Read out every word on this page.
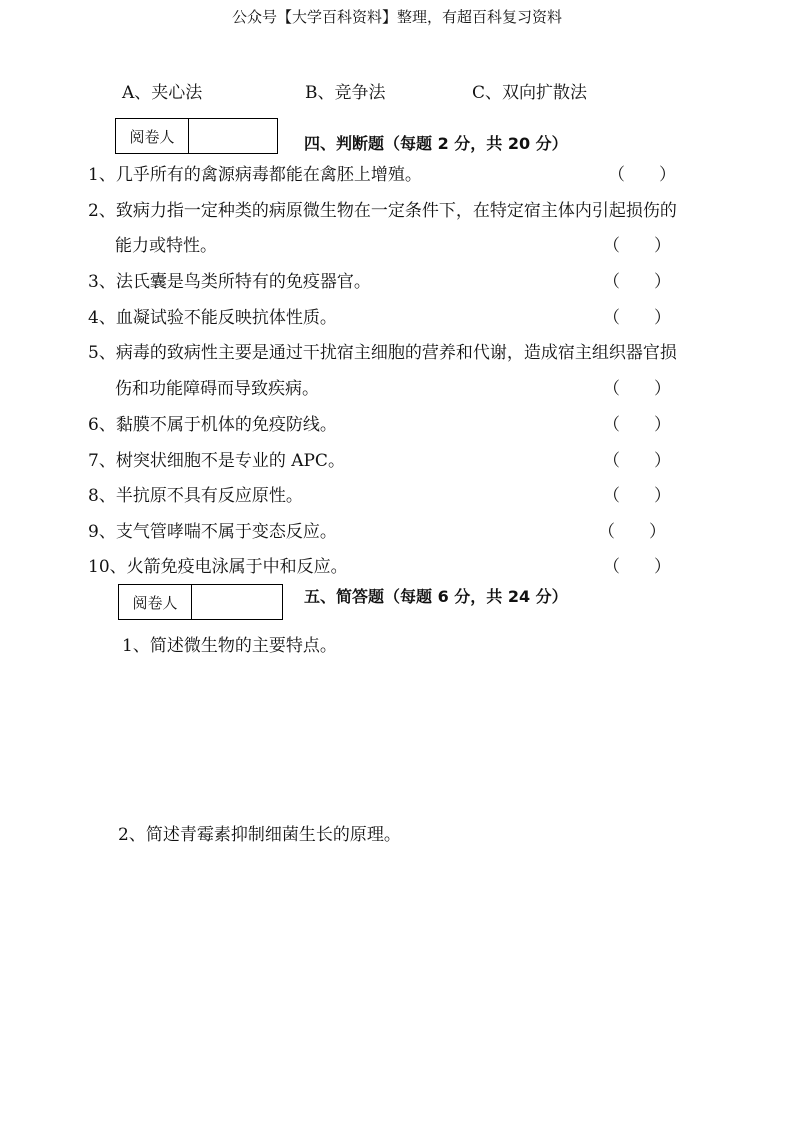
公众号【大学百科资料】整理，有超百科复习资料
A、夹心法	B、竞争法	C、双向扩散法
阅卷人	四、判断题（每题 2 分，共 20 分）
1、几乎所有的禽源病毒都能在禽胚上增殖。	（　　）
2、致病力指一定种类的病原微生物在一定条件下，在特定宿主体内引起损伤的
能力或特性。	（　　）
3、法氏囊是鸟类所特有的免疫器官。	（　　）
4、血凝试验不能反映抗体性质。	（　　）
5、病毒的致病性主要是通过干扰宿主细胞的营养和代谢，造成宿主组织器官损
伤和功能障碍而导致疾病。	（　　）
6、黏膜不属于机体的免疫防线。	（　　）
7、树突状细胞不是专业的 APC。	（　　）
8、半抗原不具有反应原性。	（　　）
9、支气管哮喘不属于变态反应。	（　　）
10、火箭免疫电泳属于中和反应。	（　　）
阅卷人	五、简答题（每题 6 分，共 24 分）
1、简述微生物的主要特点。
2、简述青霉素抑制细菌生长的原理。
